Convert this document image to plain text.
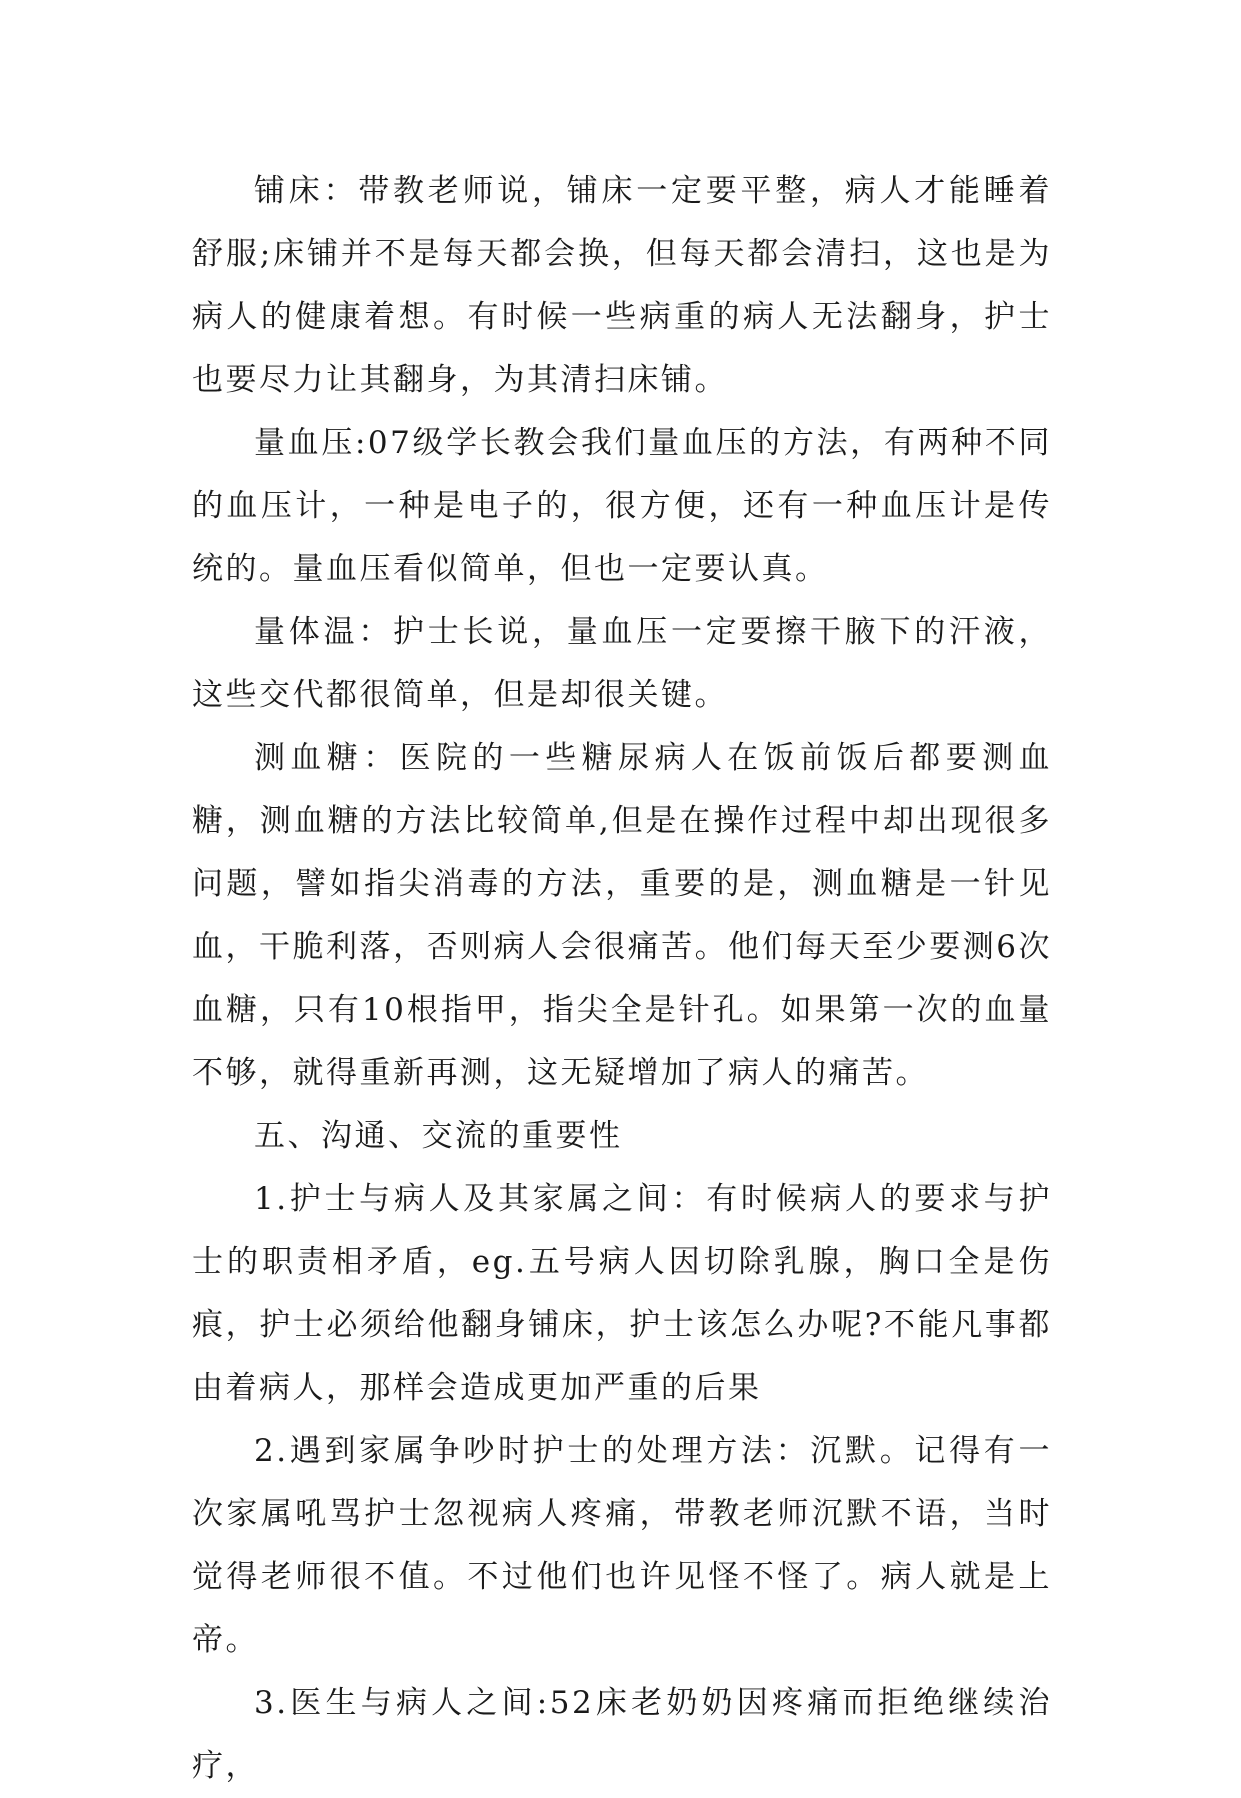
铺床：带教老师说，铺床一定要平整，病人才能睡着舒服;床铺并不是每天都会换，但每天都会清扫，这也是为病人的健康着想。有时候一些病重的病人无法翻身，护士也要尽力让其翻身，为其清扫床铺。

量血压:07级学长教会我们量血压的方法，有两种不同的血压计，一种是电子的，很方便，还有一种血压计是传统的。量血压看似简单，但也一定要认真。

量体温：护士长说，量血压一定要擦干腋下的汗液，这些交代都很简单，但是却很关键。

测血糖：医院的一些糖尿病人在饭前饭后都要测血糖，测血糖的方法比较简单,但是在操作过程中却出现很多问题，譬如指尖消毒的方法，重要的是，测血糖是一针见血，干脆利落，否则病人会很痛苦。他们每天至少要测6次血糖，只有10根指甲，指尖全是针孔。如果第一次的血量不够，就得重新再测，这无疑增加了病人的痛苦。

五、沟通、交流的重要性

1.护士与病人及其家属之间：有时候病人的要求与护士的职责相矛盾，eg.五号病人因切除乳腺，胸口全是伤痕，护士必须给他翻身铺床，护士该怎么办呢?不能凡事都由着病人，那样会造成更加严重的后果

2.遇到家属争吵时护士的处理方法：沉默。记得有一次家属吼骂护士忽视病人疼痛，带教老师沉默不语，当时觉得老师很不值。不过他们也许见怪不怪了。病人就是上帝。

3.医生与病人之间:52床老奶奶因疼痛而拒绝继续治疗，
